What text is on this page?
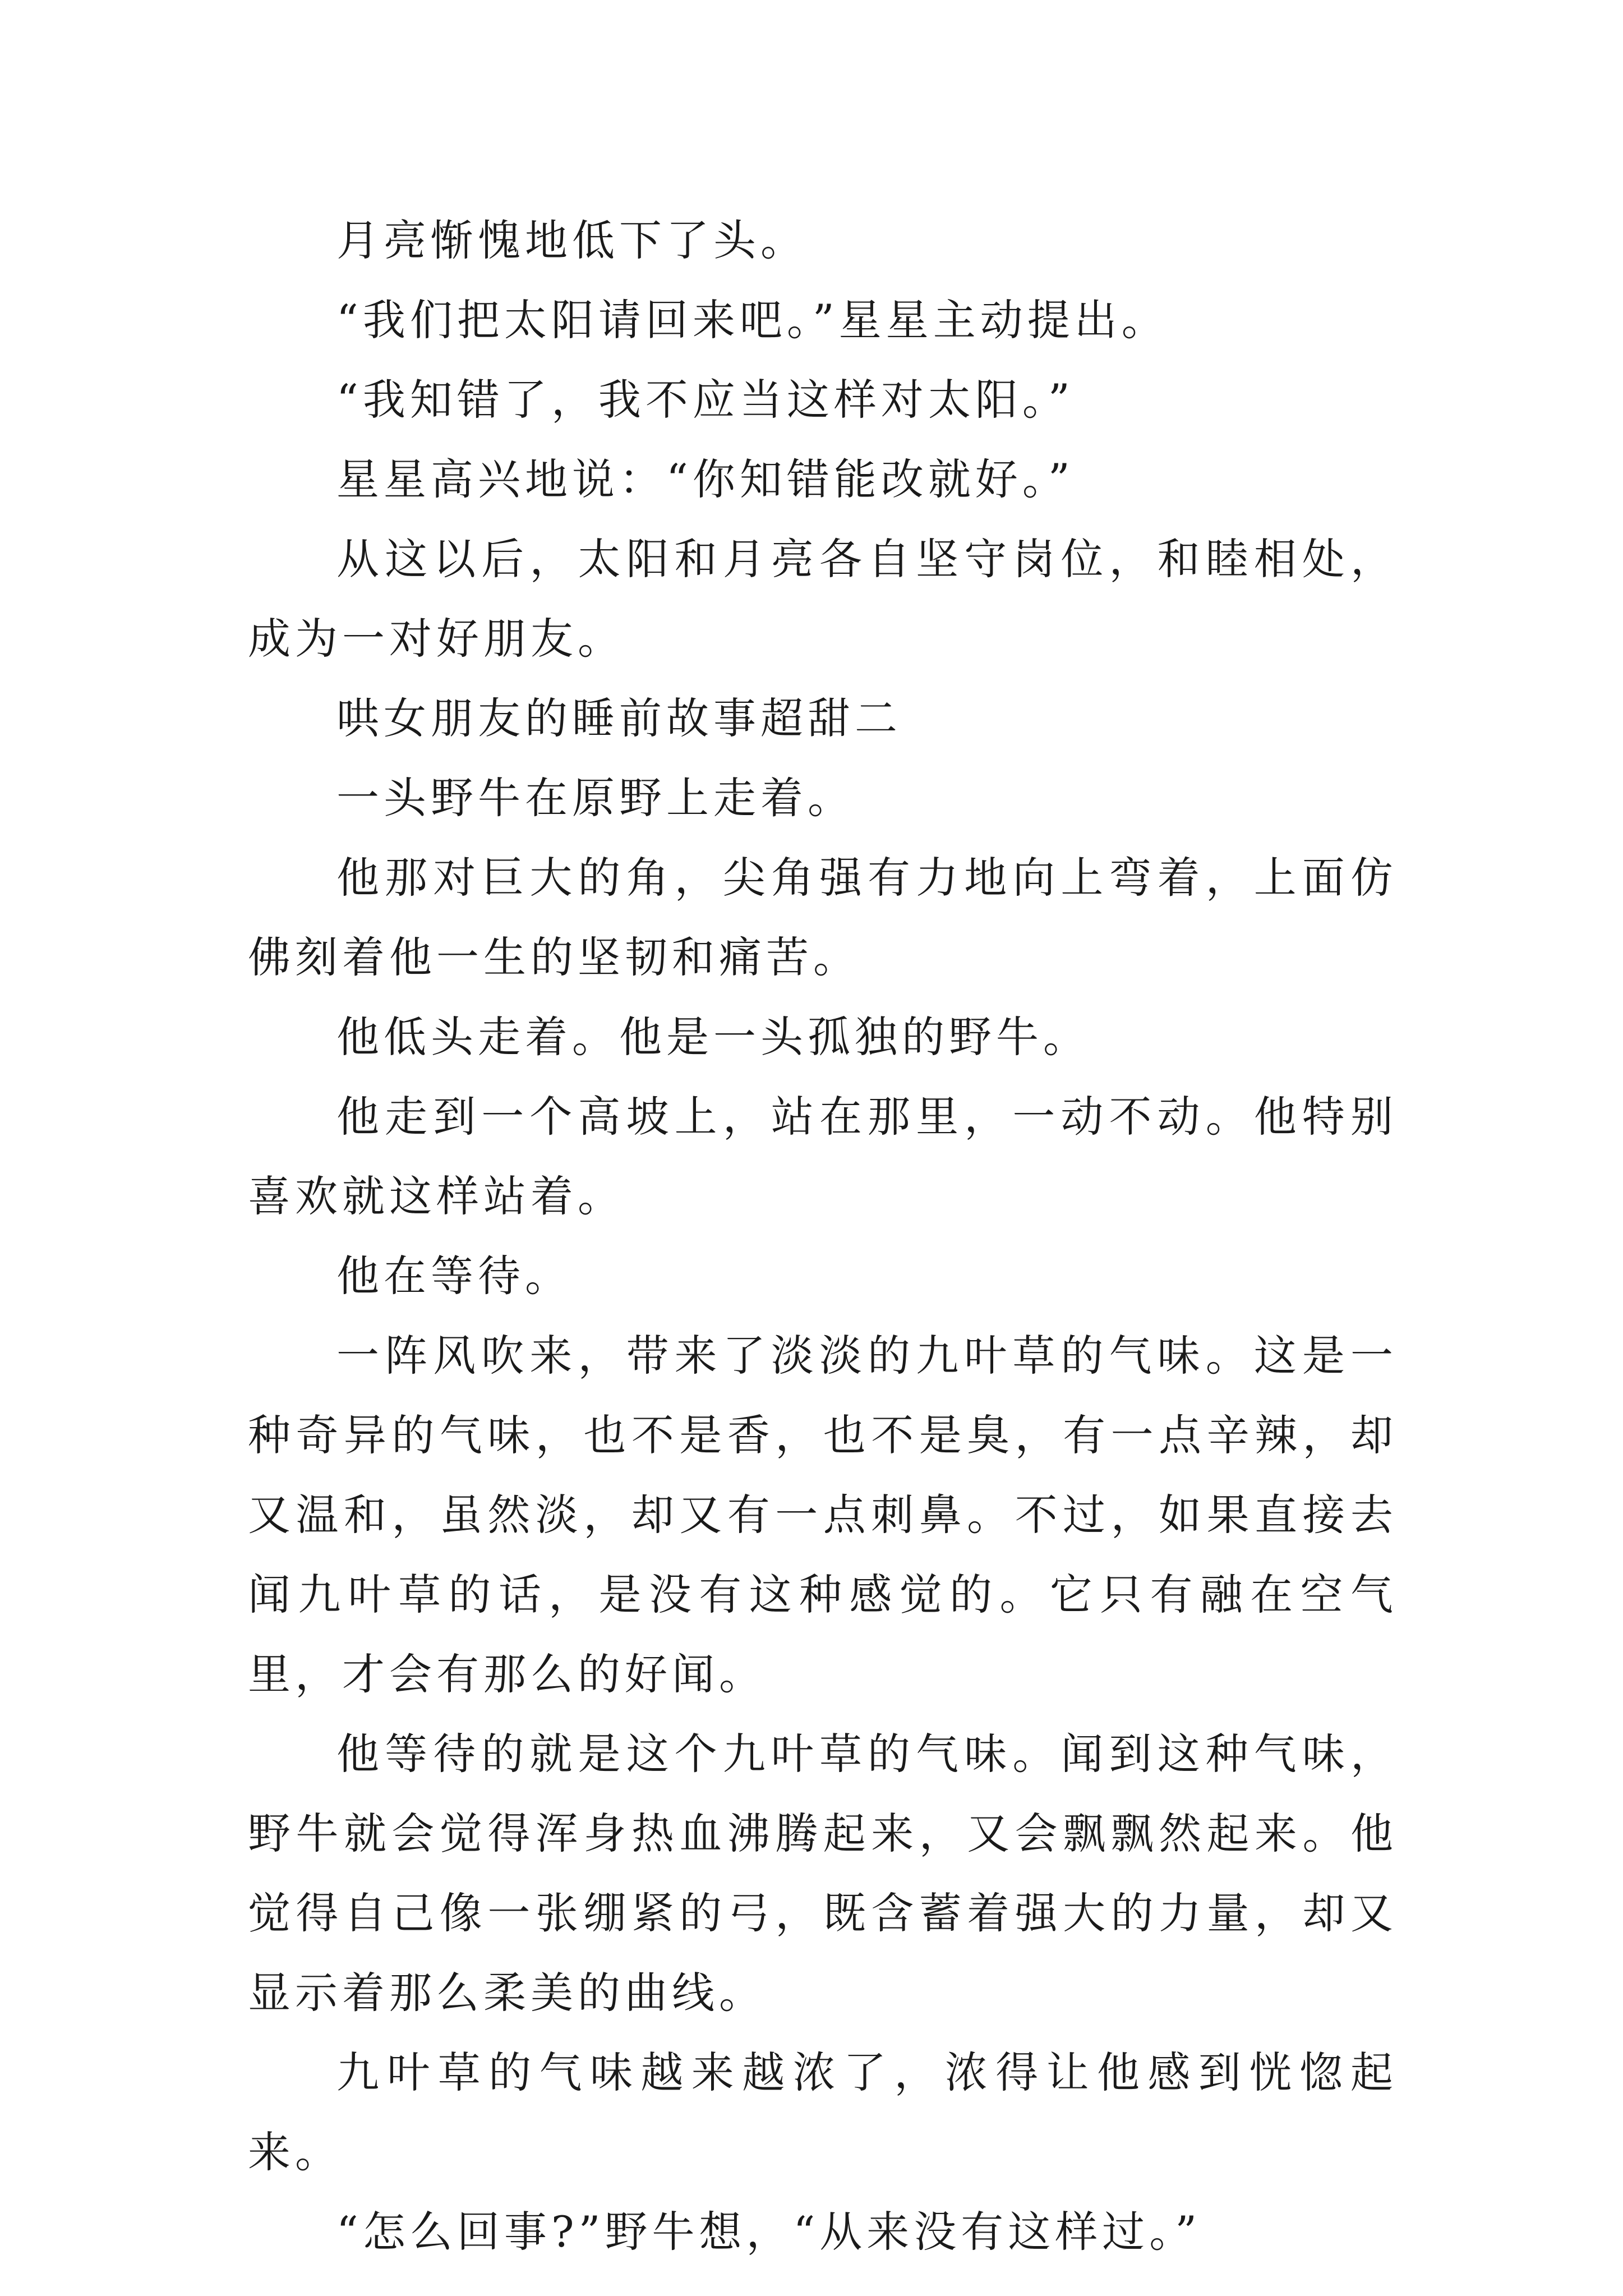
月亮惭愧地低下了头。

“我们把太阳请回来吧。”星星主动提出。

“我知错了，我不应当这样对太阳。”

星星高兴地说：“你知错能改就好。”

从这以后，太阳和月亮各自坚守岗位，和睦相处，成为一对好朋友。

哄女朋友的睡前故事超甜二

一头野牛在原野上走着。

他那对巨大的角，尖角强有力地向上弯着，上面仿佛刻着他一生的坚韧和痛苦。

他低头走着。他是一头孤独的野牛。

他走到一个高坡上，站在那里，一动不动。他特别喜欢就这样站着。

他在等待。

一阵风吹来，带来了淡淡的九叶草的气味。这是一种奇异的气味，也不是香，也不是臭，有一点辛辣，却又温和，虽然淡，却又有一点刺鼻。不过，如果直接去闻九叶草的话，是没有这种感觉的。它只有融在空气里，才会有那么的好闻。

他等待的就是这个九叶草的气味。闻到这种气味，野牛就会觉得浑身热血沸腾起来，又会飘飘然起来。他觉得自己像一张绷紧的弓，既含蓄着强大的力量，却又显示着那么柔美的曲线。

九叶草的气味越来越浓了，浓得让他感到恍惚起来。

“怎么回事?”野牛想，“从来没有这样过。”
